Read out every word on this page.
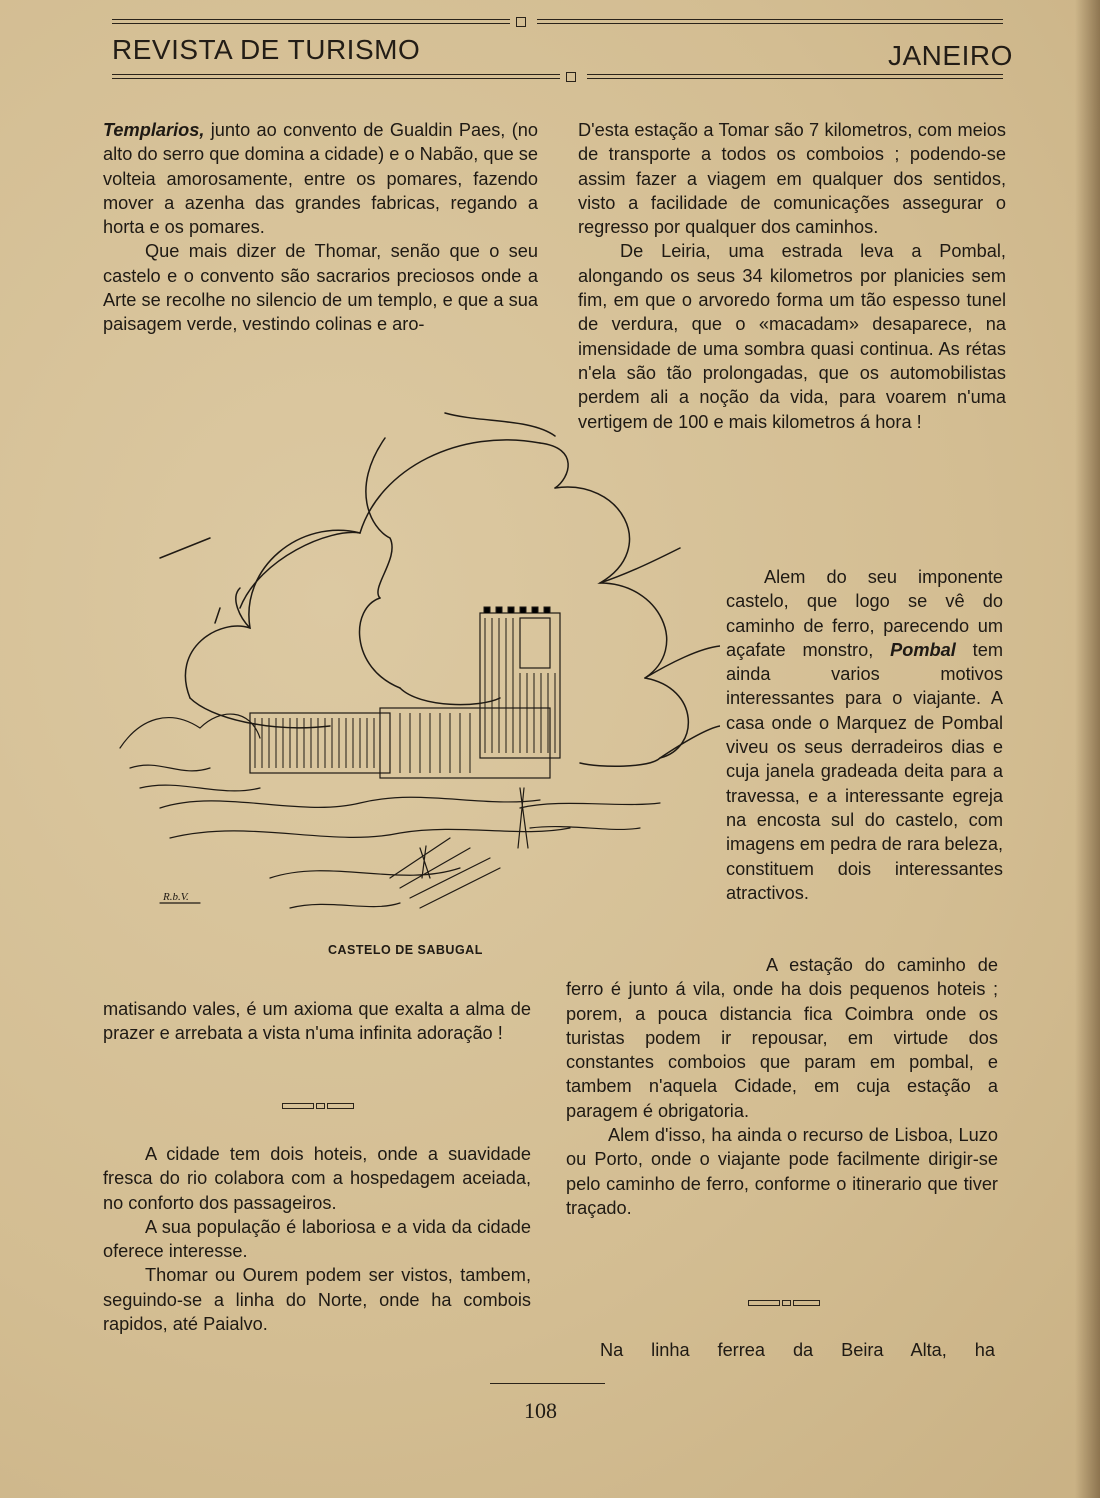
REVISTA DE TURISMO	JANEIRO

Templarios, junto ao convento de Gualdin Paes, (no alto do serro que domina a cidade) e o Nabão, que se volteia amorosamente, entre os pomares, fazendo mover a azenha das grandes fabricas, regando a horta e os pomares.

Que mais dizer de Thomar, senão que o seu castelo e o convento são sacrarios preciosos onde a Arte se recolhe no silencio de um templo, e que a sua paisagem verde, vestindo colinas e aro-

R.b.V.
CASTELO DE SABUGAL

matisando vales, é um axioma que exalta a alma de prazer e arrebata a vista n'uma infinita adoração !

A cidade tem dois hoteis, onde a suavidade fresca do rio colabora com a hospedagem aceiada, no conforto dos passageiros.

A sua população é laboriosa e a vida da cidade oferece interesse.

Thomar ou Ourem podem ser vistos, tambem, seguindo-se a linha do Norte, onde ha combois rapidos, até Paialvo.

D'esta estação a Tomar são 7 kilometros, com meios de transporte a todos os comboios ; podendo-se assim fazer a viagem em qualquer dos sentidos, visto a facilidade de comunicações assegurar o regresso por qualquer dos caminhos.

De Leiria, uma estrada leva a Pombal, alongando os seus 34 kilometros por planicies sem fim, em que o arvoredo forma um tão espesso tunel de verdura, que o «macadam» desaparece, na imensidade de uma sombra quasi continua. As rétas n'ela são tão prolongadas, que os automobilistas perdem ali a noção da vida, para voarem n'uma vertigem de 100 e mais kilometros á hora !

Alem do seu imponente castelo, que logo se vê do caminho de ferro, parecendo um açafate monstro, Pombal tem ainda varios motivos interessantes para o viajante. A casa onde o Marquez de Pombal viveu os seus derradeiros dias e cuja janela gradeada deita para a travessa, e a interessante egreja na encosta sul do castelo, com imagens em pedra de rara beleza, constituem dois interessantes atractivos.

A estação do caminho de ferro é junto á vila, onde ha dois pequenos hoteis ; porem, a pouca distancia fica Coimbra onde os turistas podem ir repousar, em virtude dos constantes comboios que param em pombal, e tambem n'aquela Cidade, em cuja estação a paragem é obrigatoria.

Alem d'isso, ha ainda o recurso de Lisboa, Luzo ou Porto, onde o viajante pode facilmente dirigir-se pelo caminho de ferro, conforme o itinerario que tiver traçado.

Na linha ferrea da Beira Alta, ha

108
